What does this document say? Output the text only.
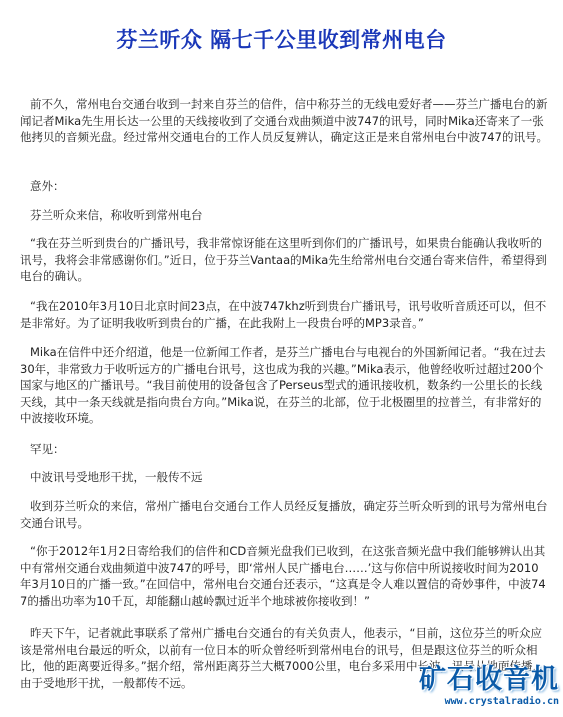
芬兰听众 隔七千公里收到常州电台

前不久，常州电台交通台收到一封来自芬兰的信件，信中称芬兰的无线电爱好者——芬兰广播电台的新闻记者Mika先生用长达一公里的天线接收到了交通台戏曲频道中波747的讯号，同时Mika还寄来了一张他拷贝的音频光盘。经过常州交通电台的工作人员反复辨认，确定这正是来自常州电台中波747的讯号。

意外：

芬兰听众来信，称收听到常州电台

“我在芬兰听到贵台的广播讯号，我非常惊讶能在这里听到你们的广播讯号，如果贵台能确认我收听的讯号，我将会非常感谢你们。”近日，位于芬兰Vantaa的Mika先生给常州电台交通台寄来信件，希望得到电台的确认。

“我在2010年3月10日北京时间23点，在中波747khz听到贵台广播讯号，讯号收听音质还可以，但不是非常好。为了证明我收听到贵台的广播，在此我附上一段贵台呼的MP3录音。”

Mika在信件中还介绍道，他是一位新闻工作者，是芬兰广播电台与电视台的外国新闻记者。“我在过去30年，非常致力于收听远方的广播电台讯号，这也成为我的兴趣。”Mika表示，他曾经收听过超过200个国家与地区的广播讯号。“我目前使用的设备包含了Perseus型式的通讯接收机，数条约一公里长的长线天线，其中一条天线就是指向贵台方向。”Mika说，在芬兰的北部，位于北极圈里的拉普兰，有非常好的中波接收环境。

罕见：

中波讯号受地形干扰，一般传不远

收到芬兰听众的来信，常州广播电台交通台工作人员经反复播放，确定芬兰听众听到的讯号为常州电台交通台讯号。

“你于2012年1月2日寄给我们的信件和CD音频光盘我们已收到，在这张音频光盘中我们能够辨认出其中有常州交通台戏曲频道中波747的呼号，即‘常州人民广播电台……’这与你信中所说接收时间为2010年3月10日的广播一致。”在回信中，常州电台交通台还表示，“这真是令人难以置信的奇妙事件，中波747的播出功率为10千瓦，却能翻山越岭飘过近半个地球被你接收到！”

昨天下午，记者就此事联系了常州广播电台交通台的有关负责人，他表示，“目前，这位芬兰的听众应该是常州电台最远的听众，以前有一位日本的听众曾经听到常州电台的讯号，但是跟这位芬兰的听众相比，他的距离要近得多。”据介绍，常州距离芬兰大概7000公里，电台多采用中长波，讯号从地面传播，由于受地形干扰，一般都传不远。	矿石收音机
www.crystalradio.cn
